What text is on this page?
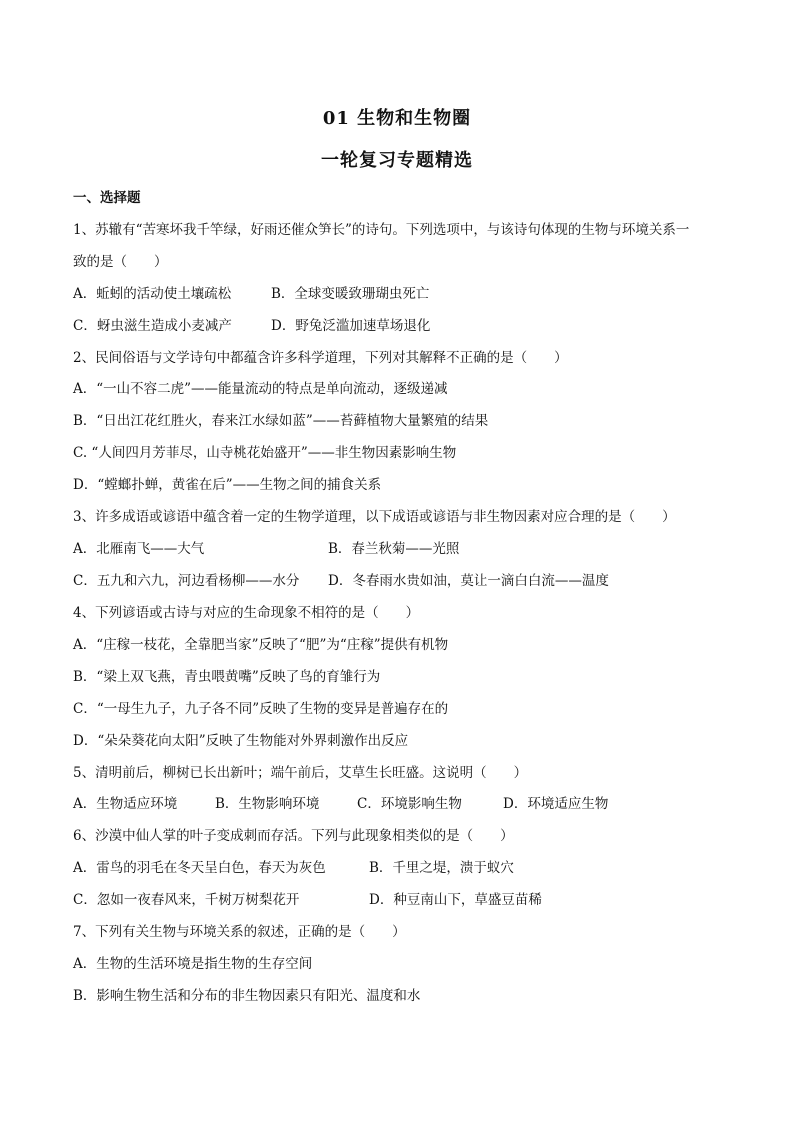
01 生物和生物圈
一轮复习专题精选
一、选择题
1、苏辙有“苦寒坏我千竿绿，好雨还催众笋长”的诗句。下列选项中，与该诗句体现的生物与环境关系一
致的是（　　）
A．蚯蚓的活动使土壤疏松	B．全球变暖致珊瑚虫死亡
C．蚜虫滋生造成小麦减产	D．野兔泛滥加速草场退化
2、民间俗语与文学诗句中都蕴含许多科学道理，下列对其解释不正确的是（　　）
A．“一山不容二虎”——能量流动的特点是单向流动，逐级递减
B．“日出江花红胜火，春来江水绿如蓝”——苔藓植物大量繁殖的结果
C. “人间四月芳菲尽，山寺桃花始盛开”——非生物因素影响生物
D．“螳螂扑蝉，黄雀在后”——生物之间的捕食关系
3、许多成语或谚语中蕴含着一定的生物学道理，以下成语或谚语与非生物因素对应合理的是（　　）
A．北雁南飞——大气	B．春兰秋菊——光照
C．五九和六九，河边看杨柳——水分 D．冬春雨水贵如油，莫让一滴白白流——温度
4、下列谚语或古诗与对应的生命现象不相符的是（　　）
A．“庄稼一枝花，全靠肥当家”反映了“肥”为“庄稼”提供有机物
B．“梁上双飞燕，青虫喂黄嘴”反映了鸟的育雏行为
C．“一母生九子，九子各不同”反映了生物的变异是普遍存在的
D．“朵朵葵花向太阳”反映了生物能对外界刺激作出反应
5、清明前后，柳树已长出新叶；端午前后，艾草生长旺盛。这说明（　　）
A．生物适应环境	B．生物影响环境	C．环境影响生物	D．环境适应生物
6、沙漠中仙人掌的叶子变成刺而存活。下列与此现象相类似的是（　　）
A．雷鸟的羽毛在冬天呈白色，春天为灰色	B．千里之堤，溃于蚁穴
C．忽如一夜春风来，千树万树梨花开	D．种豆南山下，草盛豆苗稀
7、下列有关生物与环境关系的叙述，正确的是（　　）
A．生物的生活环境是指生物的生存空间
B．影响生物生活和分布的非生物因素只有阳光、温度和水
